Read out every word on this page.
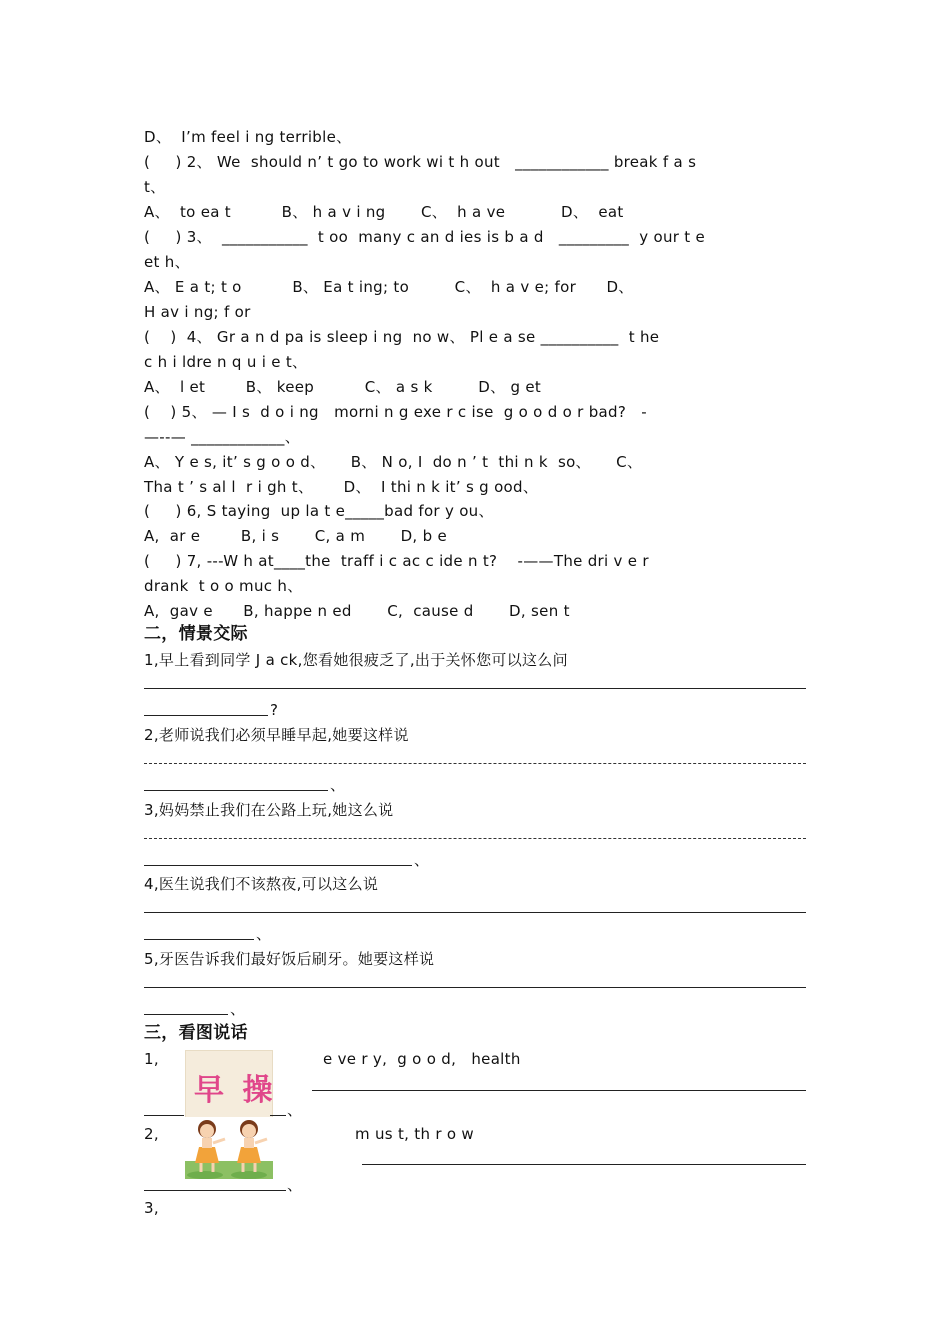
D、  I’m feel i ng terrible、
(     ) 2、 We  should n’ t go to work wi t h out   ____________ break f a s
t、
A、  to ea t          B、 h a v i ng       C、  h a ve           D、  eat
(     ) 3、  ___________  t oo  many c an d ies is b a d   _________  y our t e
et h、
A、 E a t; t o          B、 Ea t ing; to         C、  h a v e; for      D、
H av i ng; f or
(    )  4、 Gr a n d pa is sleep i ng  no w、 Pl e a se __________  t he
c h i ldre n q u i e t、
A、  l et        B、 keep          C、 a s k         D、 g et
(    ) 5、 — I s  d o i ng   morni n g exe r c ise  g o o d o r bad?   -
—--— ____________、
A、 Y e s, it’ s g o o d、     B、 N o, I  do n ’ t  thi n k  so、     C、
Tha t ’ s al l  r i gh t、      D、  I thi n k it’ s g ood、
(     ) 6, S taying  up la t e_____bad for y ou、
A,  ar e        B, i s       C, a m       D, b e
(     ) 7, ---W h at____the  traff i c ac c ide n t?    -——The dri v e r
drank  t o o muc h、
A,  gav e      B, happe n ed       C,  cause d       D, sen t
二，情景交际
1,早上看到同学 J a ck,您看她很疲乏了,出于关怀您可以这么问
?
2,老师说我们必须早睡早起,她要这样说
、
3,妈妈禁止我们在公路上玩,她这么说
、
4,医生说我们不该熬夜,可以这么说
、
5,牙医告诉我们最好饭后刷牙。她要这样说
、
三，看图说话
1,
早 操
e ve r y,  g o o d,   health
、
2,	m us t, th r o w
、
3,
